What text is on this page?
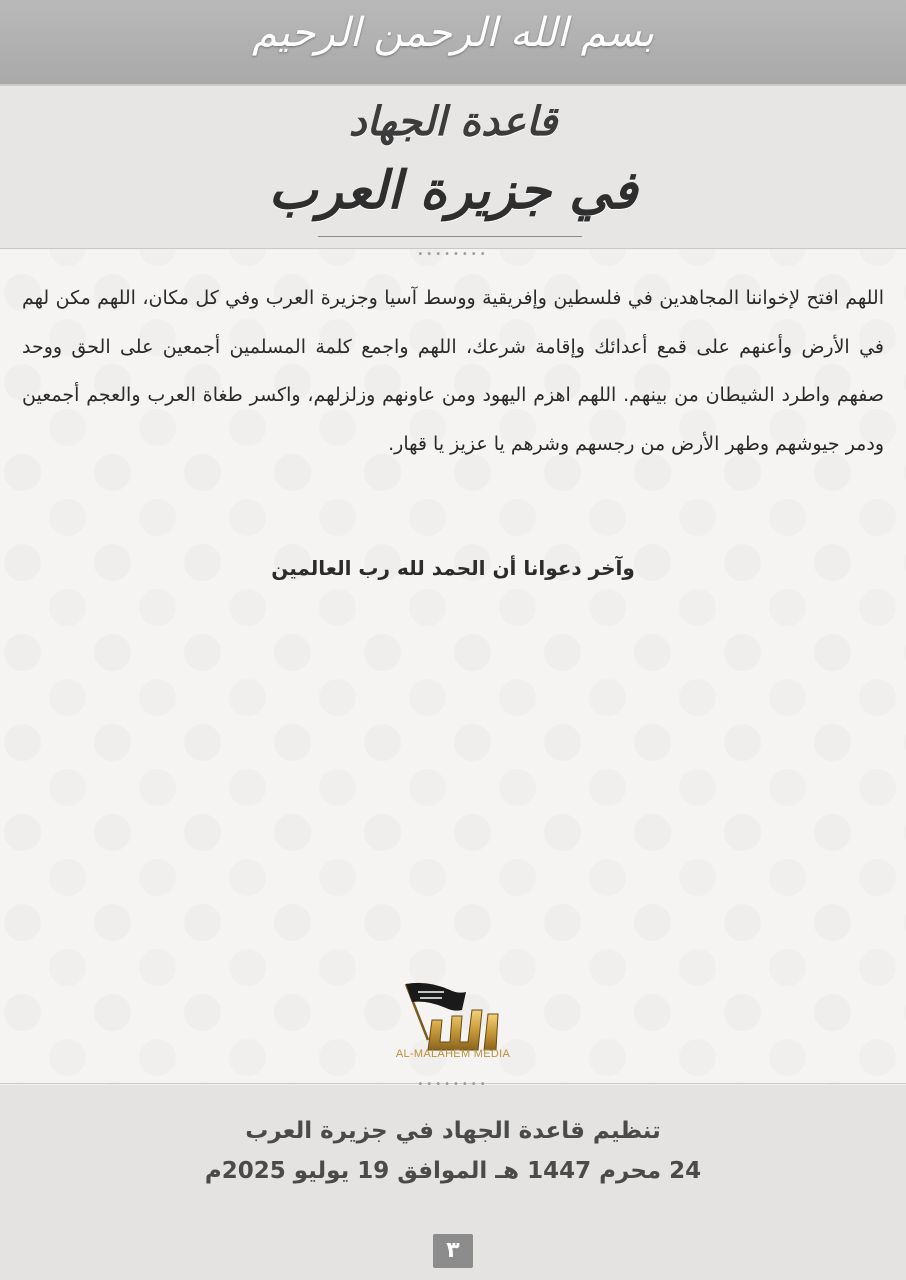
بسم الله الرحمن الرحيم
قاعدة الجهاد
في جزيرة العرب
••••••••

اللهم افتح لإخواننا المجاهدين في فلسطين وإفريقية ووسط آسيا وجزيرة العرب وفي كل مكان، اللهم مكن لهم في الأرض وأعنهم على قمع أعدائك وإقامة شرعك، اللهم واجمع كلمة المسلمين أجمعين على الحق ووحد صفهم واطرد الشيطان من بينهم. اللهم اهزم اليهود ومن عاونهم وزلزلهم، واكسر طغاة العرب والعجم أجمعين ودمر جيوشهم وطهر الأرض من رجسهم وشرهم يا عزيز يا قهار.

وآخر دعوانا أن الحمد لله رب العالمين
AL-MALAHEM MEDIA
••••••••
تنظيم قاعدة الجهاد في جزيرة العرب
24 محرم 1447 هـ الموافق 19 يوليو 2025م
٣
